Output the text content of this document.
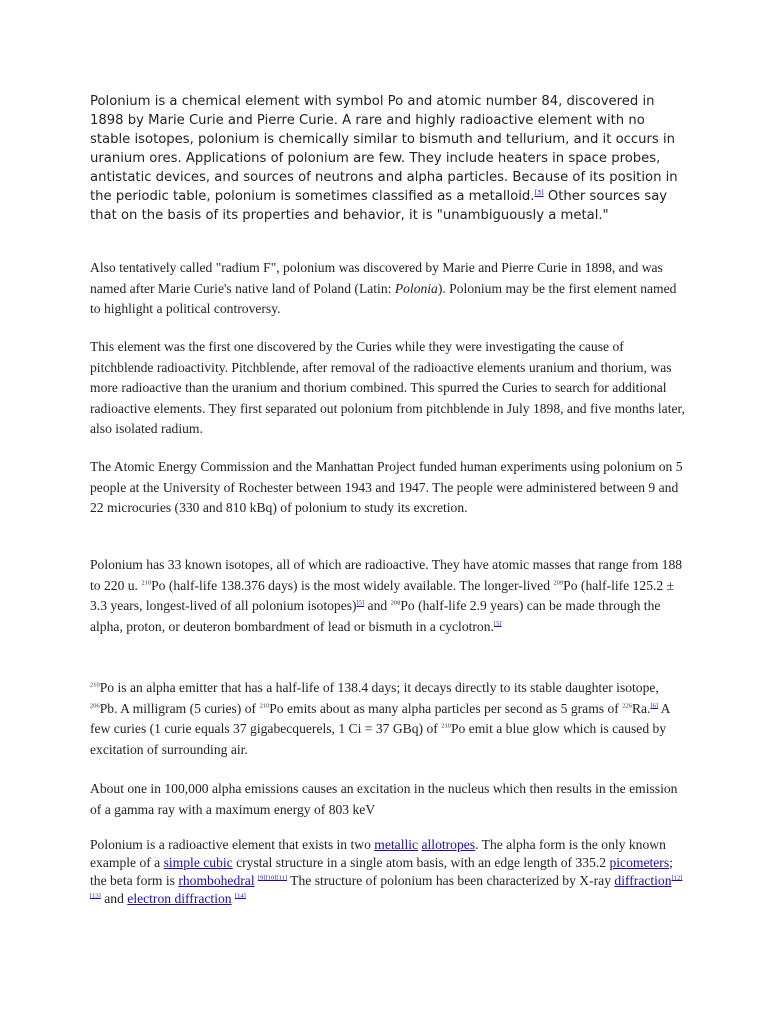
Polonium is a chemical element with symbol Po and atomic number 84, discovered in 1898 by Marie Curie and Pierre Curie. A rare and highly radioactive element with no stable isotopes, polonium is chemically similar to bismuth and tellurium, and it occurs in uranium ores. Applications of polonium are few. They include heaters in space probes, antistatic devices, and sources of neutrons and alpha particles. Because of its position in the periodic table, polonium is sometimes classified as a metalloid.[3] Other sources say that on the basis of its properties and behavior, it is "unambiguously a metal."

Also tentatively called "radium F", polonium was discovered by Marie and Pierre Curie in 1898, and was named after Marie Curie's native land of Poland (Latin: Polonia). Polonium may be the first element named to highlight a political controversy.

This element was the first one discovered by the Curies while they were investigating the cause of pitchblende radioactivity. Pitchblende, after removal of the radioactive elements uranium and thorium, was more radioactive than the uranium and thorium combined. This spurred the Curies to search for additional radioactive elements. They first separated out polonium from pitchblende in July 1898, and five months later, also isolated radium.

The Atomic Energy Commission and the Manhattan Project funded human experiments using polonium on 5 people at the University of Rochester between 1943 and 1947. The people were administered between 9 and 22 microcuries (330 and 810 kBq) of polonium to study its excretion.

Polonium has 33 known isotopes, all of which are radioactive. They have atomic masses that range from 188 to 220 u. $^{210}$Po (half-life 138.376 days) is the most widely available. The longer-lived $^{209}$Po (half-life 125.2 ± 3.3 years, longest-lived of all polonium isotopes)[5] and $^{208}$Po (half-life 2.9 years) can be made through the alpha, proton, or deuteron bombardment of lead or bismuth in a cyclotron.[5]

$^{210}$Po is an alpha emitter that has a half-life of 138.4 days; it decays directly to its stable daughter isotope, $^{206}$Pb. A milligram (5 curies) of $^{210}$Po emits about as many alpha particles per second as 5 grams of $^{226}$Ra.[6] A few curies (1 curie equals 37 gigabecquerels, 1 Ci = 37 GBq) of $^{210}$Po emit a blue glow which is caused by excitation of surrounding air.

About one in 100,000 alpha emissions causes an excitation in the nucleus which then results in the emission of a gamma ray with a maximum energy of 803 keV

Polonium is a radioactive element that exists in two metallic allotropes. The alpha form is the only known example of a simple cubic crystal structure in a single atom basis, with an edge length of 335.2 picometers; the beta form is rhombohedral [9][10][11] The structure of polonium has been characterized by X-ray diffraction[12][13] and electron diffraction [14]
